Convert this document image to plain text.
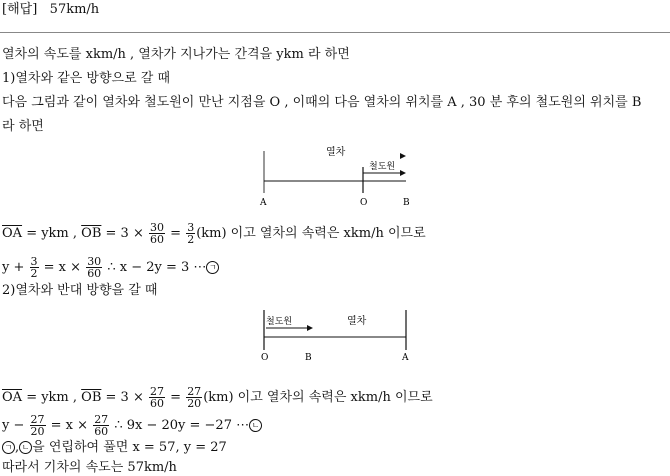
[해답] 57km/h
열차의 속도를 xkm/h , 열차가 지나가는 간격을 ykm 라 하면
1)열차와 같은 방향으로 갈 때
다음 그림과 같이 열차와 철도원이 만난 지점을 O , 이때의 다음 열차의 위치를 A , 30 분 후의 철도원의 위치를 B
라 하면
열차
철도원
A	O	B
$\overline{OA}$ = ykm , $\overline{OB} = 3 \times \frac{30}{60} = \frac{3}{2} (km)$ 이고 열차의 속력은 xkm/h 이므로
$y + \frac{3}{2} = x \times \frac{30}{60}$ ∴ x − 2y = 3 ⋯ ㄱ
2)열차와 반대 방향을 갈 때
철도원	열차
O	B	A
$\overline{OA}$ = ykm , $\overline{OB} = 3 \times \frac{27}{60} = \frac{27}{20} (km)$ 이고 열차의 속력은 xkm/h 이므로
$y - \frac{27}{20} = x \times \frac{27}{60}$ ∴ 9x − 20y = −27 ⋯ ㄴ
ㄱ , ㄴ 을 연립하여 풀면 x = 57, y = 27
따라서 기차의 속도는 57km/h
